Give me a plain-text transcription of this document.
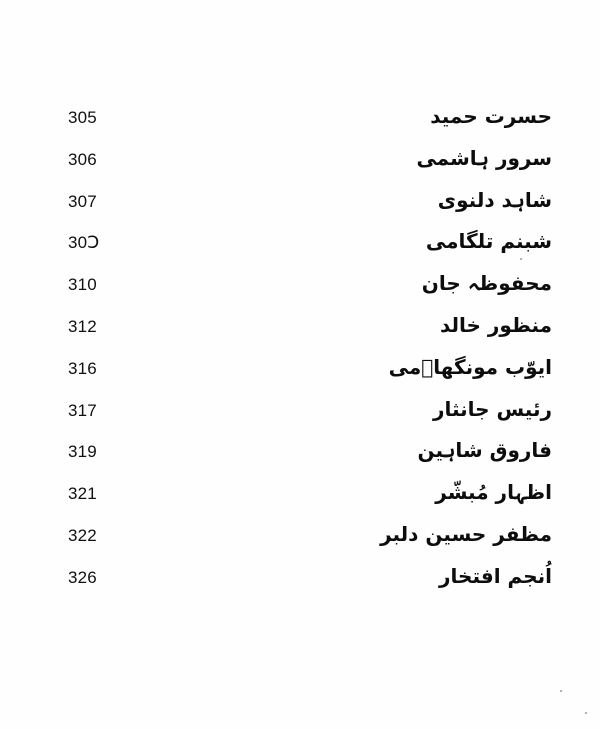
305	حسرت حمید
306	سرور ہاشمی
307	شاہد دلنوی
30Ↄ	شبنم تلگامی
310	محفوظہ جان
312	منظور خالد
316	ایوّب مونگھاؔمی
317	رئیس جانثار
319	فاروق شاہین
321	اظہار مُبشّر
322	مظفر حسین دلبر
326	اُنجم افتخار
